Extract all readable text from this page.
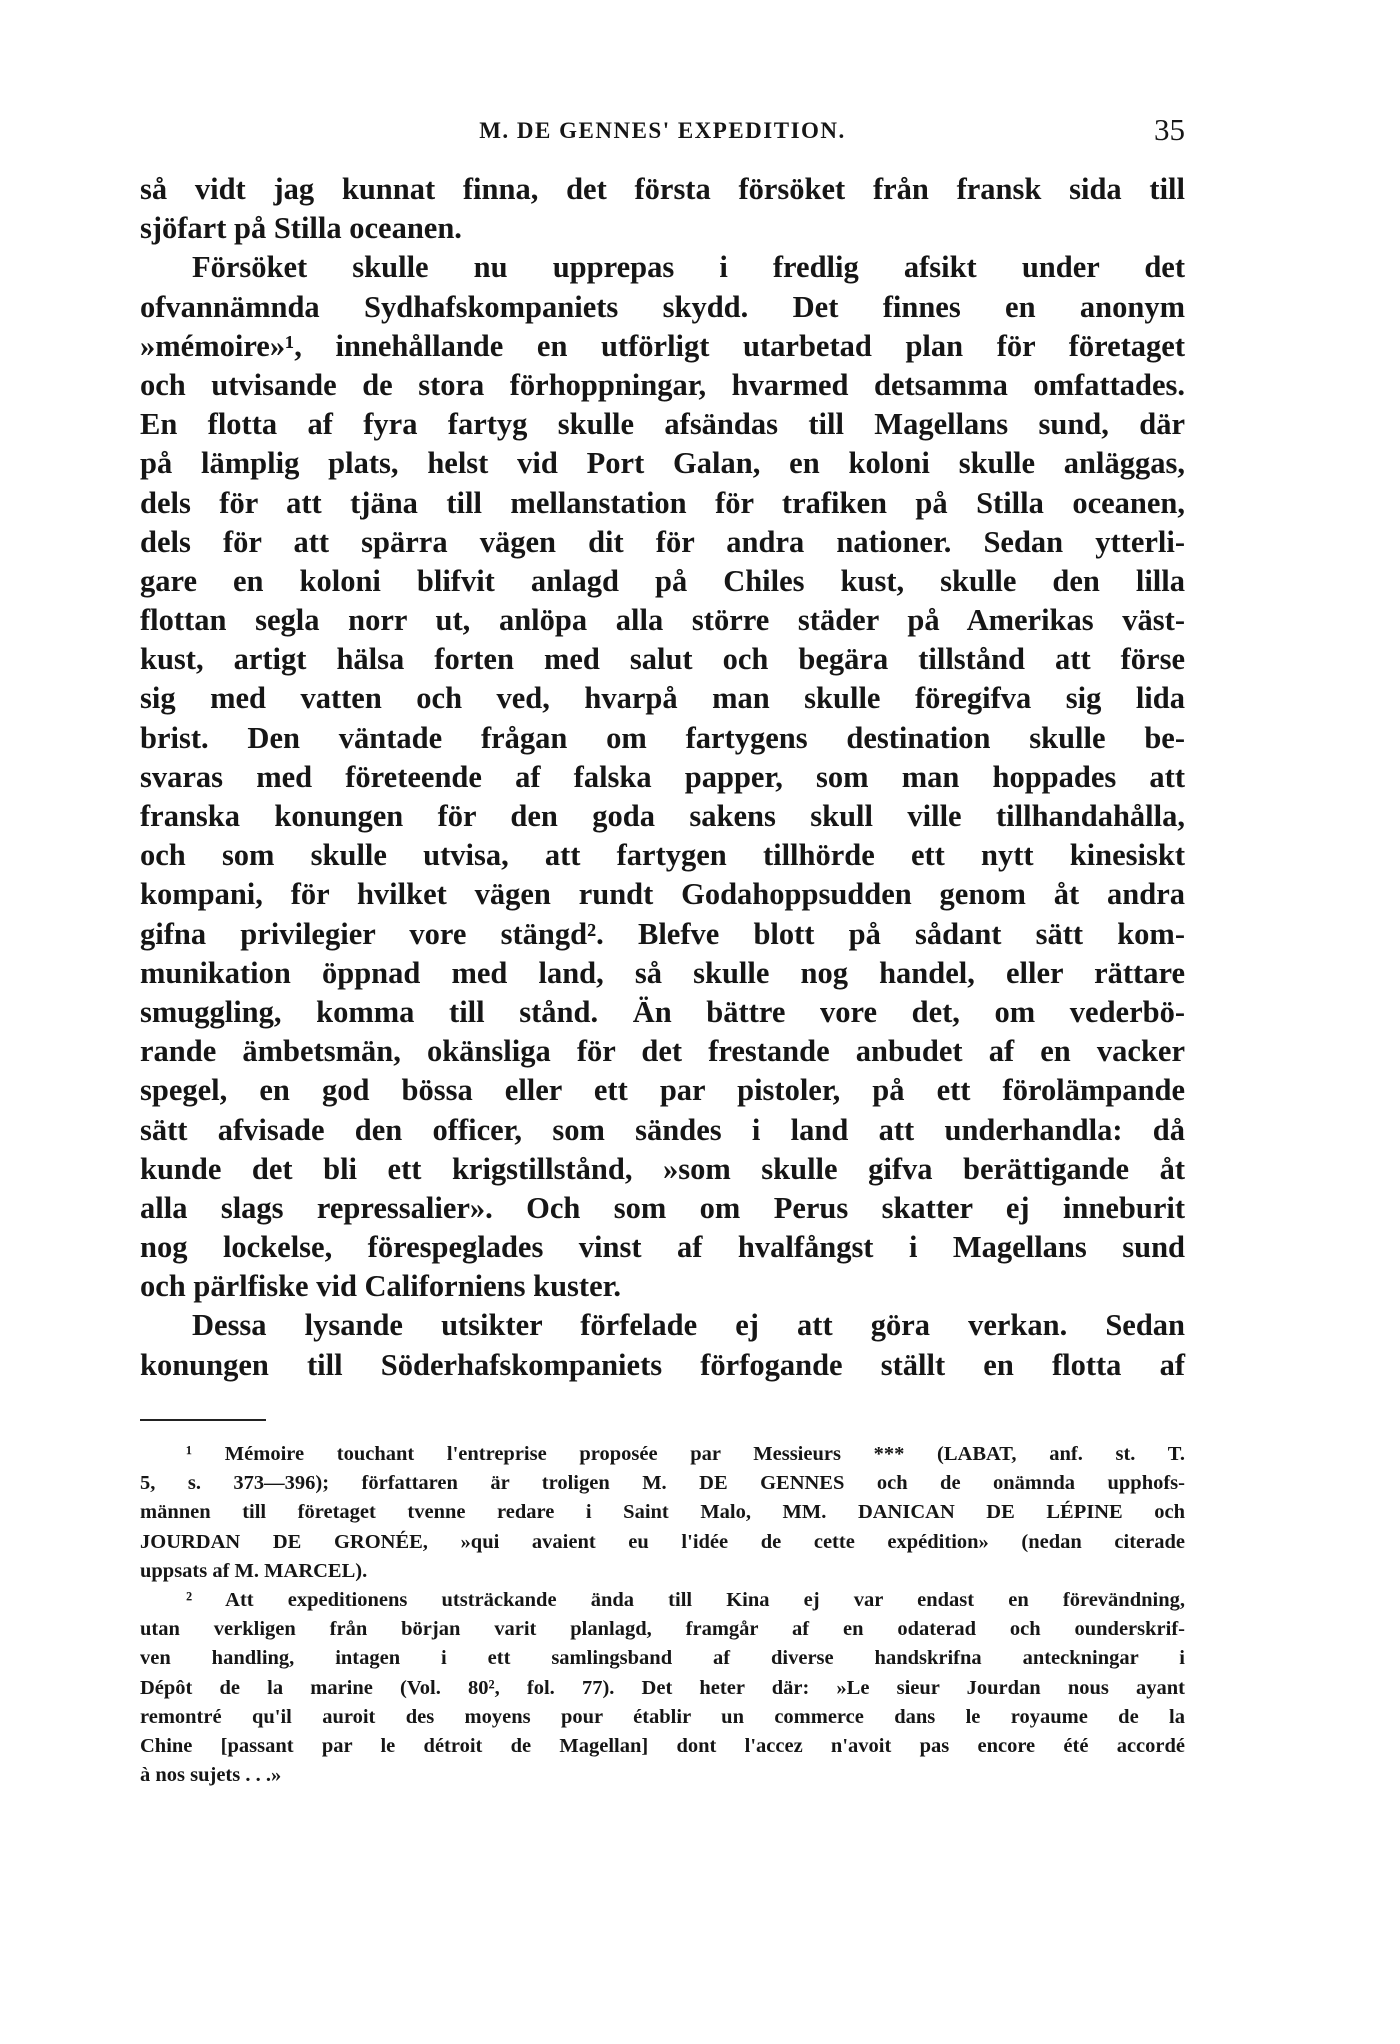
M. DE GENNES' EXPEDITION.	35
så vidt jag kunnat finna, det första försöket från fransk sida till
sjöfart på Stilla oceanen.
Försöket skulle nu upprepas i fredlig afsikt under det
ofvannämnda Sydhafskompaniets skydd. Det finnes en anonym
»mémoire»¹, innehållande en utförligt utarbetad plan för företaget
och utvisande de stora förhoppningar, hvarmed detsamma omfattades.
En flotta af fyra fartyg skulle afsändas till Magellans sund, där
på lämplig plats, helst vid Port Galan, en koloni skulle anläggas,
dels för att tjäna till mellanstation för trafiken på Stilla oceanen,
dels för att spärra vägen dit för andra nationer. Sedan ytterli-
gare en koloni blifvit anlagd på Chiles kust, skulle den lilla
flottan segla norr ut, anlöpa alla större städer på Amerikas väst-
kust, artigt hälsa forten med salut och begära tillstånd att förse
sig med vatten och ved, hvarpå man skulle föregifva sig lida
brist. Den väntade frågan om fartygens destination skulle be-
svaras med företeende af falska papper, som man hoppades att
franska konungen för den goda sakens skull ville tillhandahålla,
och som skulle utvisa, att fartygen tillhörde ett nytt kinesiskt
kompani, för hvilket vägen rundt Godahoppsudden genom åt andra
gifna privilegier vore stängd². Blefve blott på sådant sätt kom-
munikation öppnad med land, så skulle nog handel, eller rättare
smuggling, komma till stånd. Än bättre vore det, om vederbö-
rande ämbetsmän, okänsliga för det frestande anbudet af en vacker
spegel, en god bössa eller ett par pistoler, på ett förolämpande
sätt afvisade den officer, som sändes i land att underhandla: då
kunde det bli ett krigstillstånd, »som skulle gifva berättigande åt
alla slags repressalier». Och som om Perus skatter ej inneburit
nog lockelse, förespeglades vinst af hvalfångst i Magellans sund
och pärlfiske vid Californiens kuster.
Dessa lysande utsikter förfelade ej att göra verkan. Sedan
konungen till Söderhafskompaniets förfogande ställt en flotta af
¹ Mémoire touchant l'entreprise proposée par Messieurs *** (LABAT, anf. st. T.
5, s. 373—396); författaren är troligen M. DE GENNES och de onämnda upphofs-
männen till företaget tvenne redare i Saint Malo, MM. DANICAN DE LÉPINE och
JOURDAN DE GRONÉE, »qui avaient eu l'idée de cette expédition» (nedan citerade
uppsats af M. MARCEL).
² Att expeditionens utsträckande ända till Kina ej var endast en förevändning,
utan verkligen från början varit planlagd, framgår af en odaterad och ounderskrif-
ven handling, intagen i ett samlingsband af diverse handskrifna anteckningar i
Dépôt de la marine (Vol. 80², fol. 77). Det heter där: »Le sieur Jourdan nous ayant
remontré qu'il auroit des moyens pour établir un commerce dans le royaume de la
Chine [passant par le détroit de Magellan] dont l'accez n'avoit pas encore été accordé
à nos sujets . . .»
